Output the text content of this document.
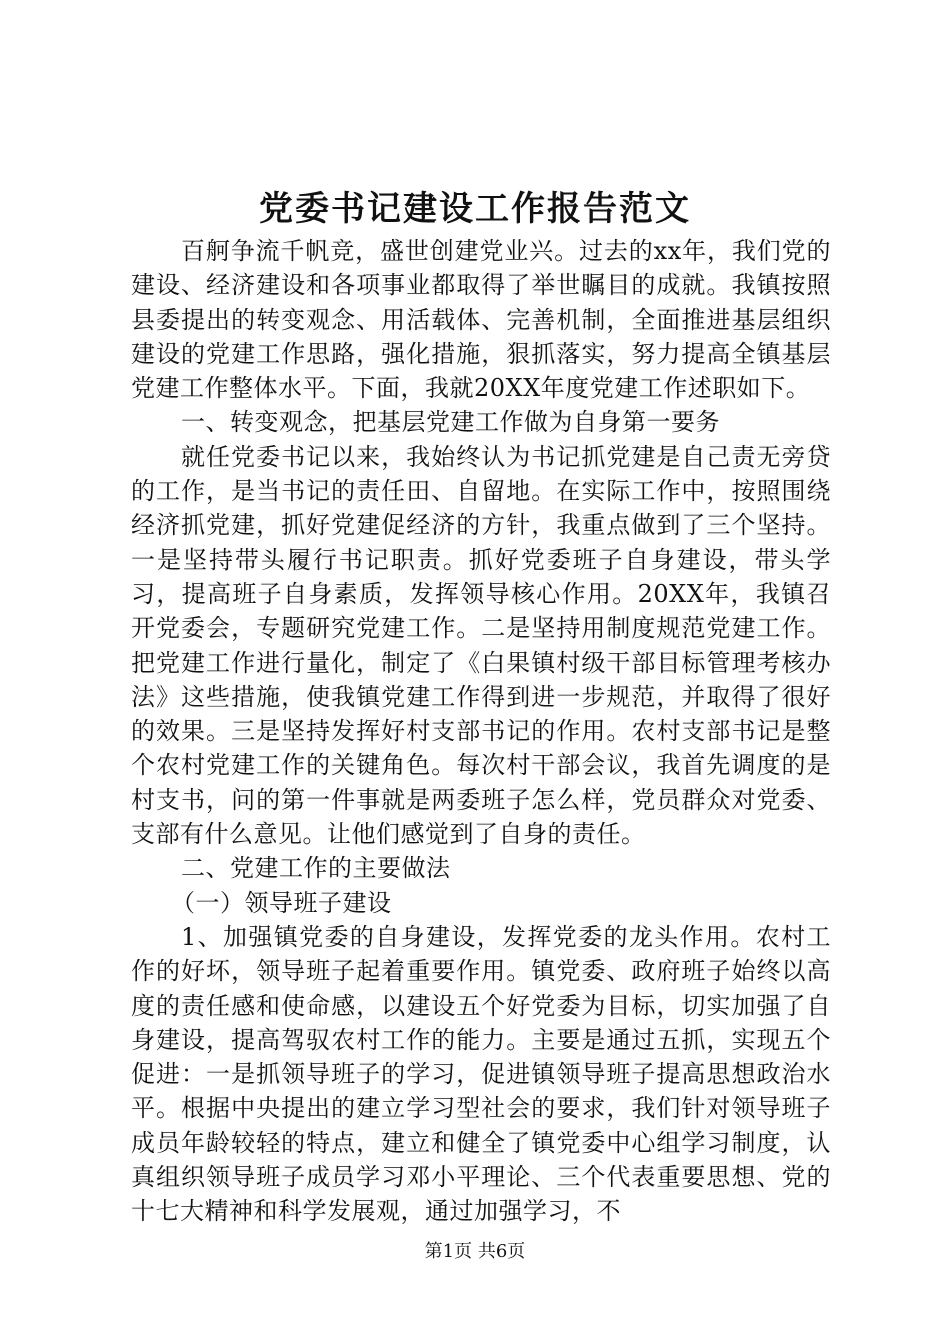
党委书记建设工作报告范文

百舸争流千帆竞，盛世创建党业兴。过去的xx年，我们党的建设、经济建设和各项事业都取得了举世瞩目的成就。我镇按照县委提出的转变观念、用活载体、完善机制，全面推进基层组织建设的党建工作思路，强化措施，狠抓落实，努力提高全镇基层党建工作整体水平。下面，我就20XX年度党建工作述职如下。

一、转变观念，把基层党建工作做为自身第一要务

就任党委书记以来，我始终认为书记抓党建是自己责无旁贷的工作，是当书记的责任田、自留地。在实际工作中，按照围绕经济抓党建，抓好党建促经济的方针，我重点做到了三个坚持。一是坚持带头履行书记职责。抓好党委班子自身建设，带头学习，提高班子自身素质，发挥领导核心作用。20XX年，我镇召开党委会，专题研究党建工作。二是坚持用制度规范党建工作。把党建工作进行量化，制定了《白果镇村级干部目标管理考核办法》这些措施，使我镇党建工作得到进一步规范，并取得了很好的效果。三是坚持发挥好村支部书记的作用。农村支部书记是整个农村党建工作的关键角色。每次村干部会议，我首先调度的是村支书，问的第一件事就是两委班子怎么样，党员群众对党委、支部有什么意见。让他们感觉到了自身的责任。

二、党建工作的主要做法

（一）领导班子建设

1、加强镇党委的自身建设，发挥党委的龙头作用。农村工作的好坏，领导班子起着重要作用。镇党委、政府班子始终以高度的责任感和使命感，以建设五个好党委为目标，切实加强了自身建设，提高驾驭农村工作的能力。主要是通过五抓，实现五个促进：一是抓领导班子的学习，促进镇领导班子提高思想政治水平。根据中央提出的建立学习型社会的要求，我们针对领导班子成员年龄较轻的特点，建立和健全了镇党委中心组学习制度，认真组织领导班子成员学习邓小平理论、三个代表重要思想、党的十七大精神和科学发展观，通过加强学习，不

第1页 共6页
